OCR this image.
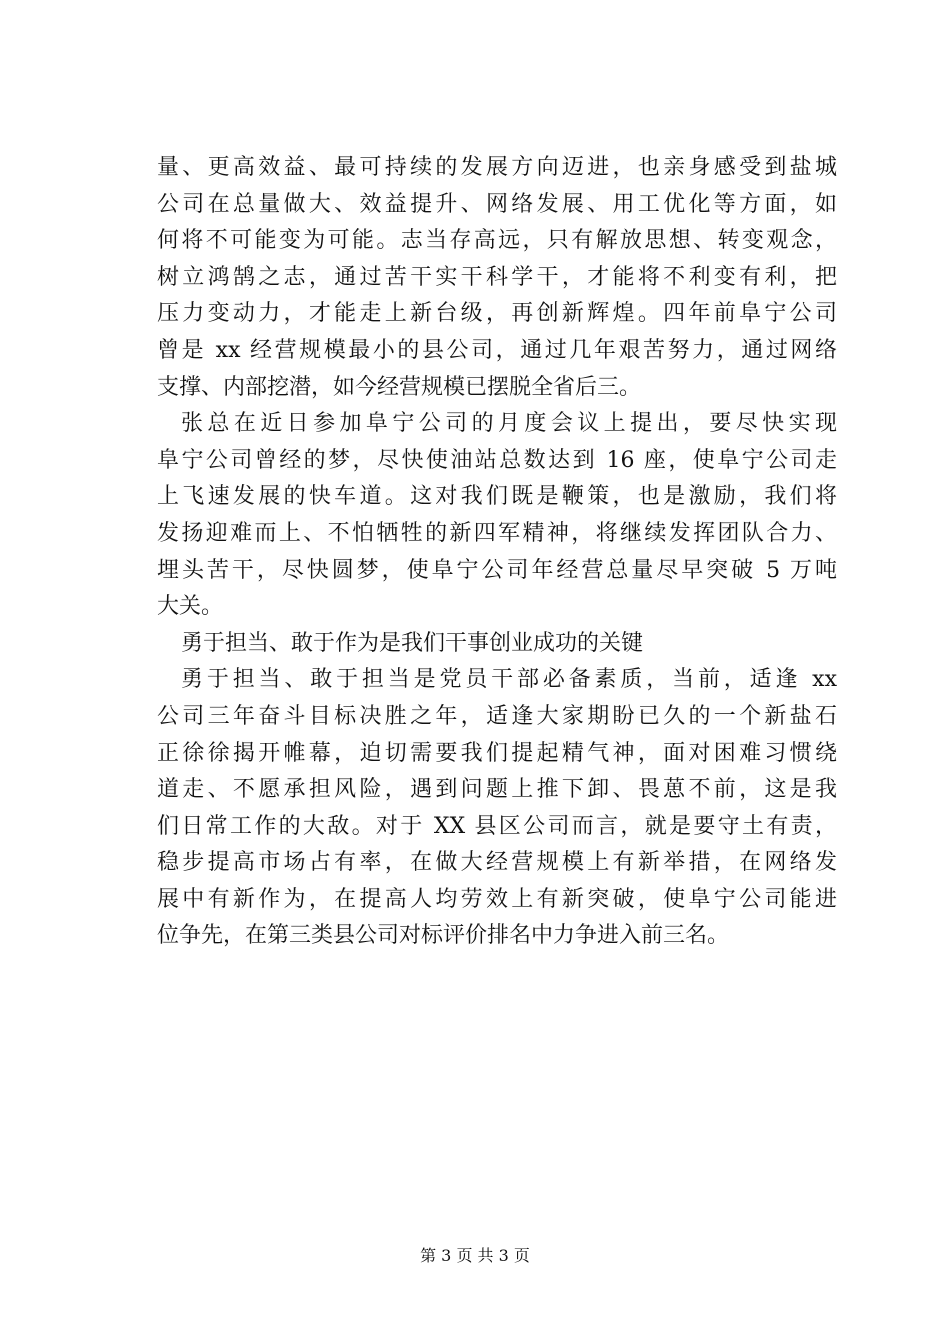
量、更高效益、最可持续的发展方向迈进，也亲身感受到盐城
公司在总量做大、效益提升、网络发展、用工优化等方面，如
何将不可能变为可能。志当存高远，只有解放思想、转变观念，
树立鸿鹄之志，通过苦干实干科学干，才能将不利变有利，把
压力变动力，才能走上新台级，再创新辉煌。四年前阜宁公司
曾是 xx 经营规模最小的县公司，通过几年艰苦努力，通过网络
支撑、内部挖潜，如今经营规模已摆脱全省后三。
张总在近日参加阜宁公司的月度会议上提出，要尽快实现
阜宁公司曾经的梦，尽快使油站总数达到 16 座，使阜宁公司走
上飞速发展的快车道。这对我们既是鞭策，也是激励，我们将
发扬迎难而上、不怕牺牲的新四军精神，将继续发挥团队合力、
埋头苦干，尽快圆梦，使阜宁公司年经营总量尽早突破 5 万吨
大关。
勇于担当、敢于作为是我们干事创业成功的关键
勇于担当、敢于担当是党员干部必备素质，当前，适逢 xx
公司三年奋斗目标决胜之年，适逢大家期盼已久的一个新盐石
正徐徐揭开帷幕，迫切需要我们提起精气神，面对困难习惯绕
道走、不愿承担风险，遇到问题上推下卸、畏葸不前，这是我
们日常工作的大敌。对于 XX 县区公司而言，就是要守土有责，
稳步提高市场占有率，在做大经营规模上有新举措，在网络发
展中有新作为，在提高人均劳效上有新突破，使阜宁公司能进
位争先，在第三类县公司对标评价排名中力争进入前三名。
第 3 页 共 3 页
